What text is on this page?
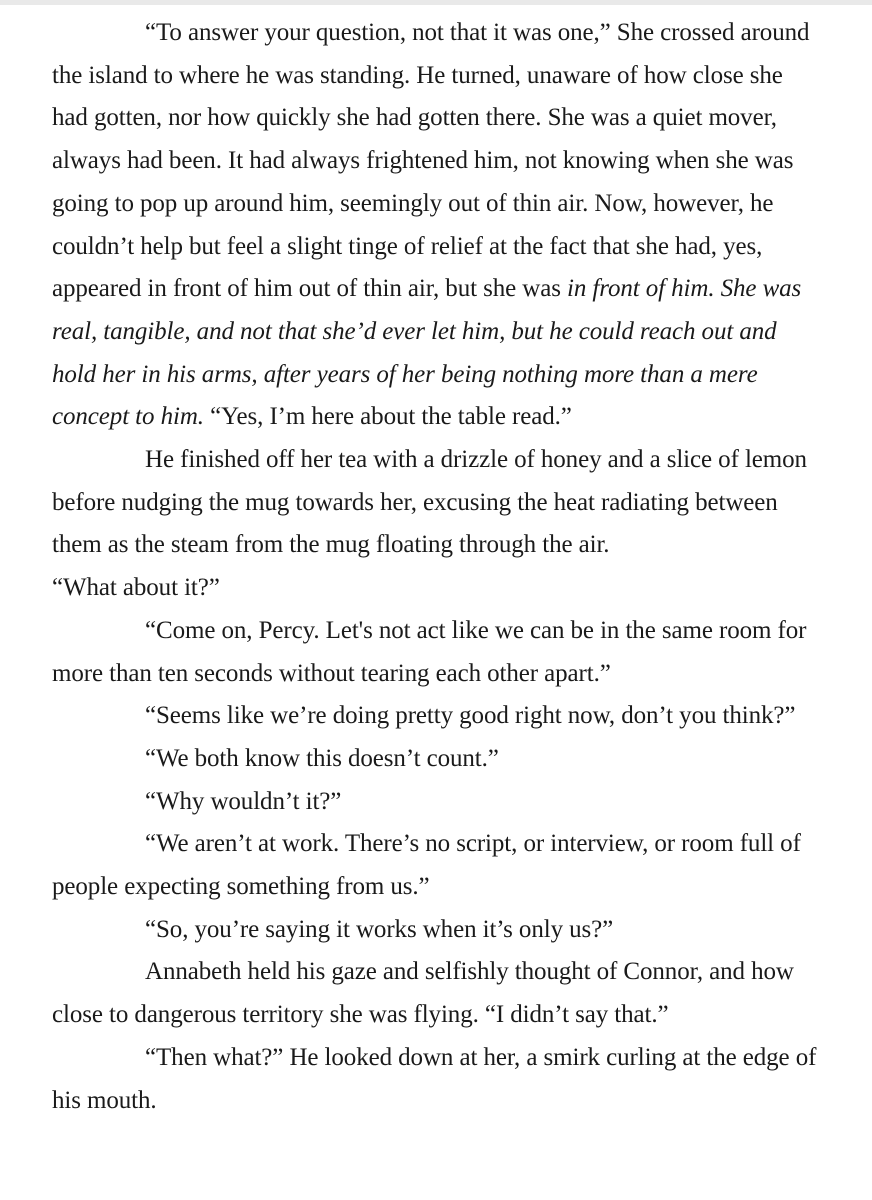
“To answer your question, not that it was one,” She crossed around the island to where he was standing. He turned, unaware of how close she had gotten, nor how quickly she had gotten there. She was a quiet mover, always had been. It had always frightened him, not knowing when she was going to pop up around him, seemingly out of thin air. Now, however, he couldn’t help but feel a slight tinge of relief at the fact that she had, yes, appeared in front of him out of thin air, but she was in front of him. She was real, tangible, and not that she’d ever let him, but he could reach out and hold her in his arms, after years of her being nothing more than a mere concept to him. “Yes, I’m here about the table read.”

He finished off her tea with a drizzle of honey and a slice of lemon before nudging the mug towards her, excusing the heat radiating between them as the steam from the mug floating through the air.

“What about it?”

“Come on, Percy. Let's not act like we can be in the same room for more than ten seconds without tearing each other apart.”

“Seems like we’re doing pretty good right now, don’t you think?”

“We both know this doesn’t count.”

“Why wouldn’t it?”

“We aren’t at work. There’s no script, or interview, or room full of people expecting something from us.”

“So, you’re saying it works when it’s only us?”

Annabeth held his gaze and selfishly thought of Connor, and how close to dangerous territory she was flying. “I didn’t say that.”

“Then what?” He looked down at her, a smirk curling at the edge of his mouth.
